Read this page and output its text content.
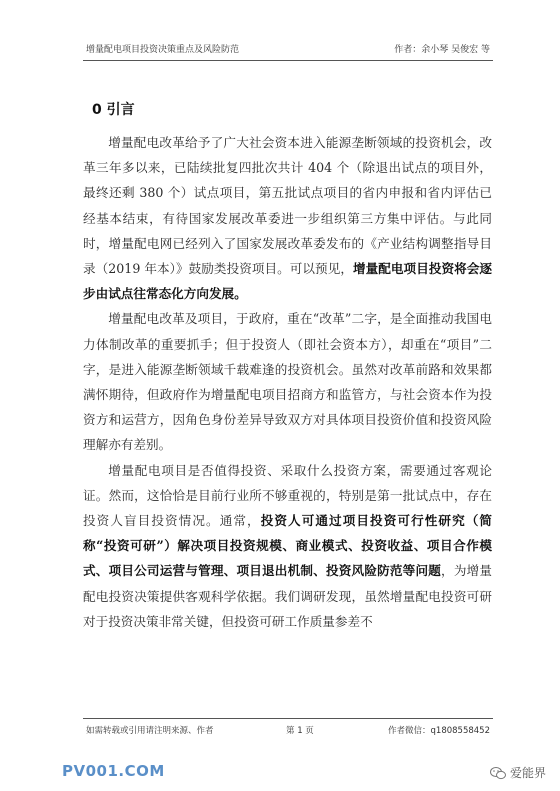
增量配电项目投资决策重点及风险防范	作者：余小琴 吴俊宏 等
0 引言

增量配电改革给予了广大社会资本进入能源垄断领域的投资机会，改革三年多以来，已陆续批复四批次共计 404 个（除退出试点的项目外，最终还剩 380 个）试点项目，第五批试点项目的省内申报和省内评估已经基本结束，有待国家发展改革委进一步组织第三方集中评估。与此同时，增量配电网已经列入了国家发展改革委发布的《产业结构调整指导目录（2019 年本）》鼓励类投资项目。可以预见，增量配电项目投资将会逐步由试点往常态化方向发展。

增量配电改革及项目，于政府，重在“改革”二字，是全面推动我国电力体制改革的重要抓手；但于投资人（即社会资本方），却重在“项目”二字，是进入能源垄断领域千载难逢的投资机会。虽然对改革前路和效果都满怀期待，但政府作为增量配电项目招商方和监管方，与社会资本作为投资方和运营方，因角色身份差异导致双方对具体项目投资价值和投资风险理解亦有差别。

增量配电项目是否值得投资、采取什么投资方案，需要通过客观论证。然而，这恰恰是目前行业所不够重视的，特别是第一批试点中，存在投资人盲目投资情况。通常，投资人可通过项目投资可行性研究（简称“投资可研”）解决项目投资规模、商业模式、投资收益、项目合作模式、项目公司运营与管理、项目退出机制、投资风险防范等问题，为增量配电投资决策提供客观科学依据。我们调研发现，虽然增量配电投资可研对于投资决策非常关键，但投资可研工作质量参差不

如需转载或引用请注明来源、作者	第 1 页	作者微信：q1808558452
PV001.COM	爱能界
